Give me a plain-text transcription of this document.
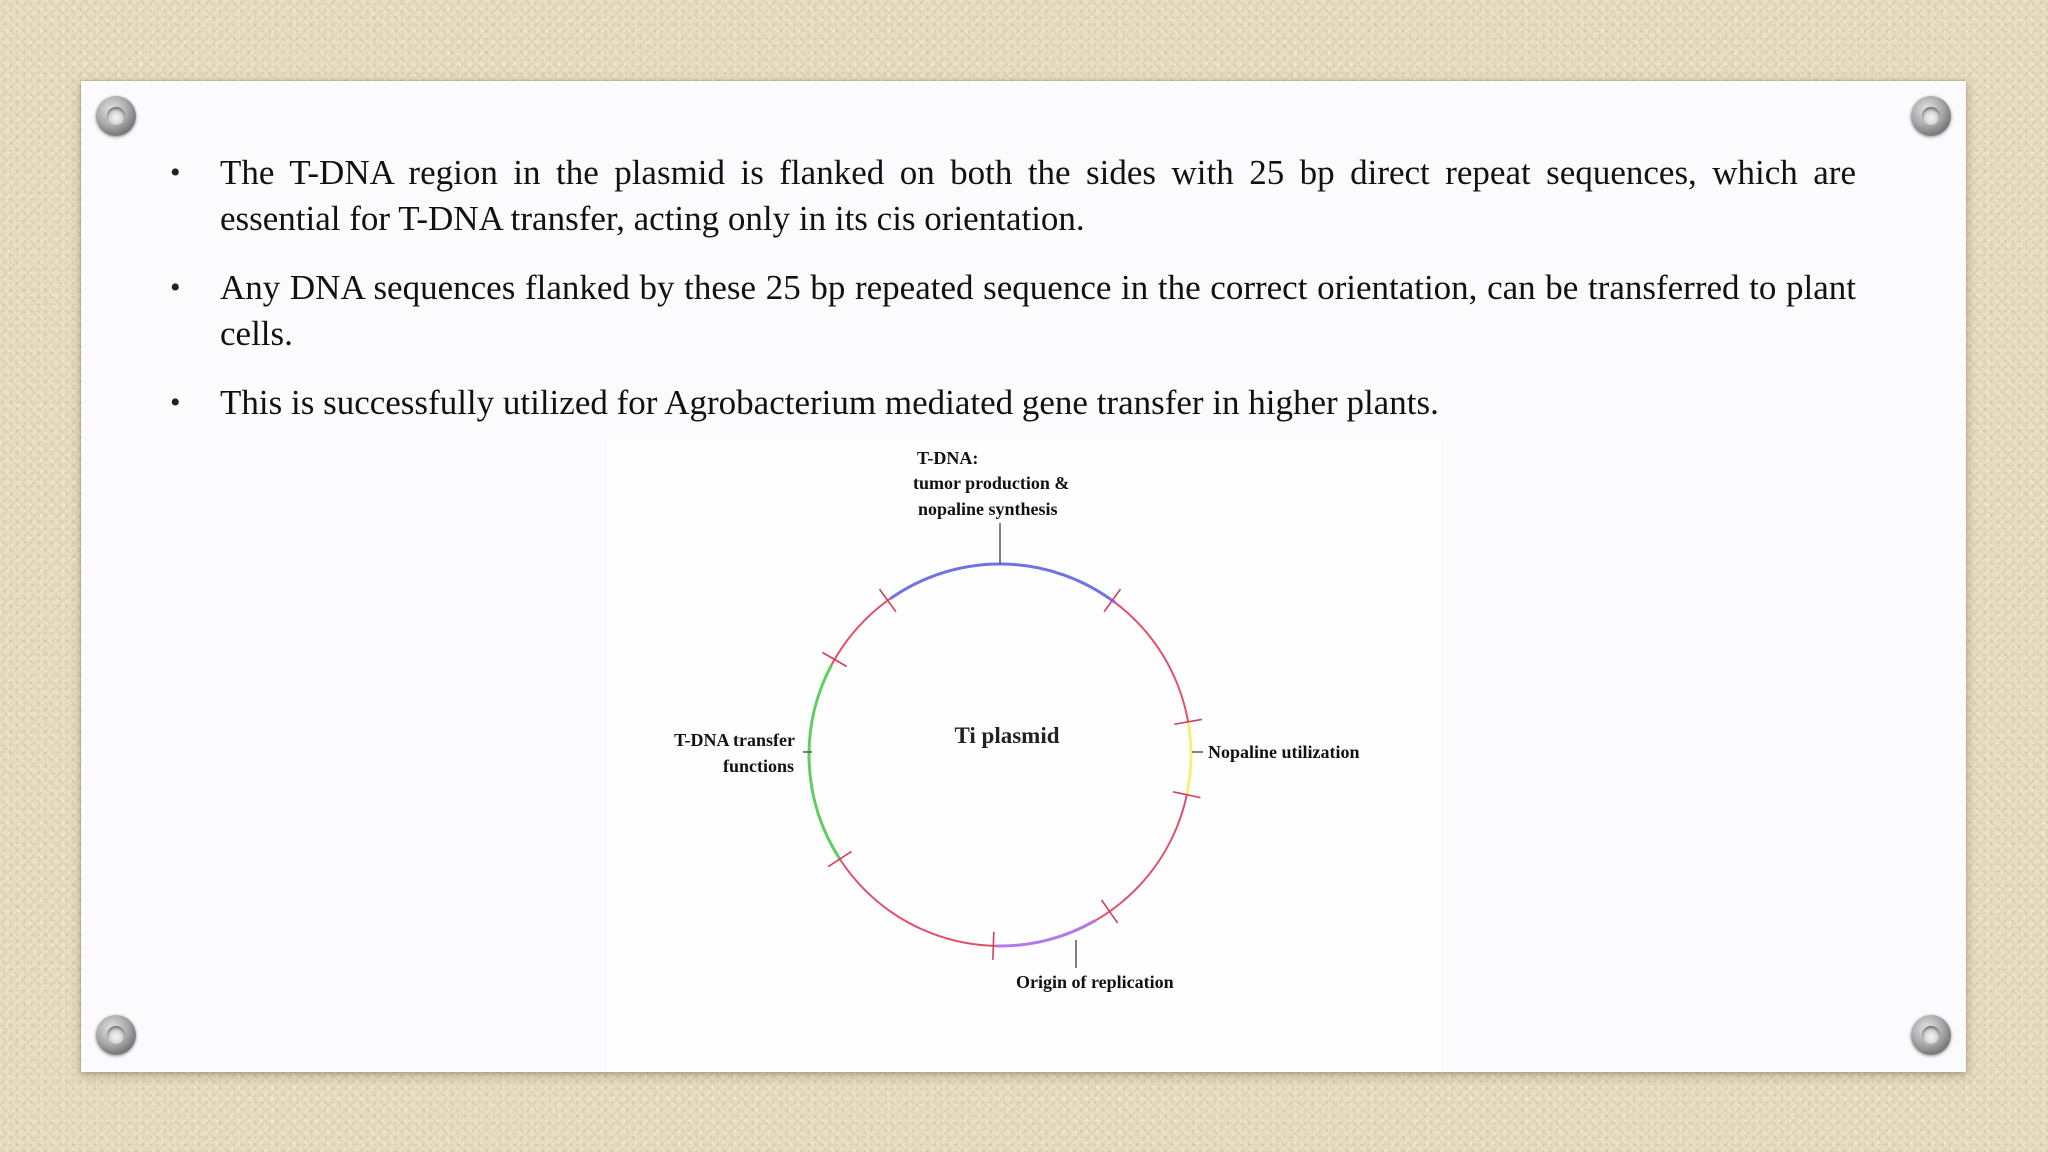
• The T-DNA region in the plasmid is flanked on both the sides with 25 bp direct repeat sequences, which are essential for T-DNA transfer, acting only in its cis orientation.
• Any DNA sequences flanked by these 25 bp repeated sequence in the correct orientation, can be transferred to plant cells.
• This is successfully utilized for Agrobacterium mediated gene transfer in higher plants.
Ti plasmid
T-DNA:
tumor production &
nopaline synthesis
T-DNA transfer
functions
Nopaline utilization
Origin of replication
